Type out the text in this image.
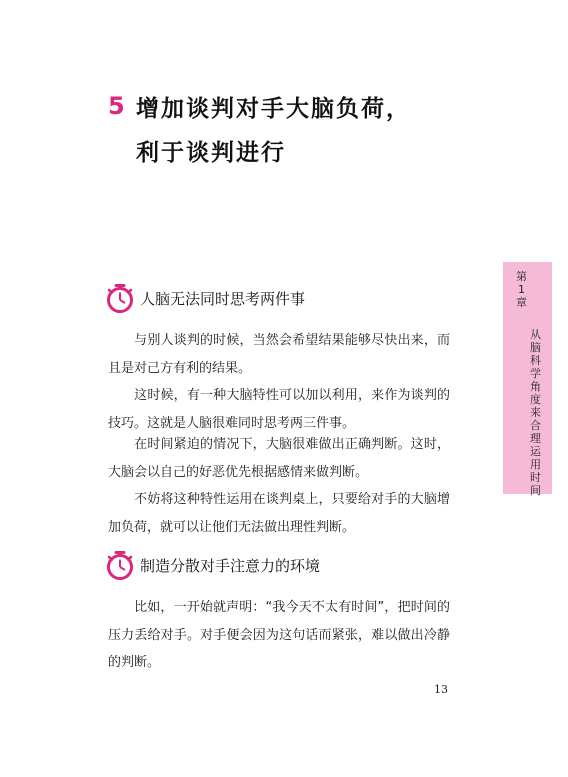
5 增加谈判对手大脑负荷，
利于谈判进行
第1章
从脑科学角度来合理运用时间
人脑无法同时思考两件事
与别人谈判的时候，当然会希望结果能够尽快出来，而且是对己方有利的结果。
这时候，有一种大脑特性可以加以利用，来作为谈判的技巧。这就是人脑很难同时思考两三件事。
在时间紧迫的情况下，大脑很难做出正确判断。这时，大脑会以自己的好恶优先根据感情来做判断。
不妨将这种特性运用在谈判桌上，只要给对手的大脑增加负荷，就可以让他们无法做出理性判断。
制造分散对手注意力的环境
比如，一开始就声明：“我今天不太有时间”，把时间的压力丢给对手。对手便会因为这句话而紧张，难以做出冷静的判断。
13
